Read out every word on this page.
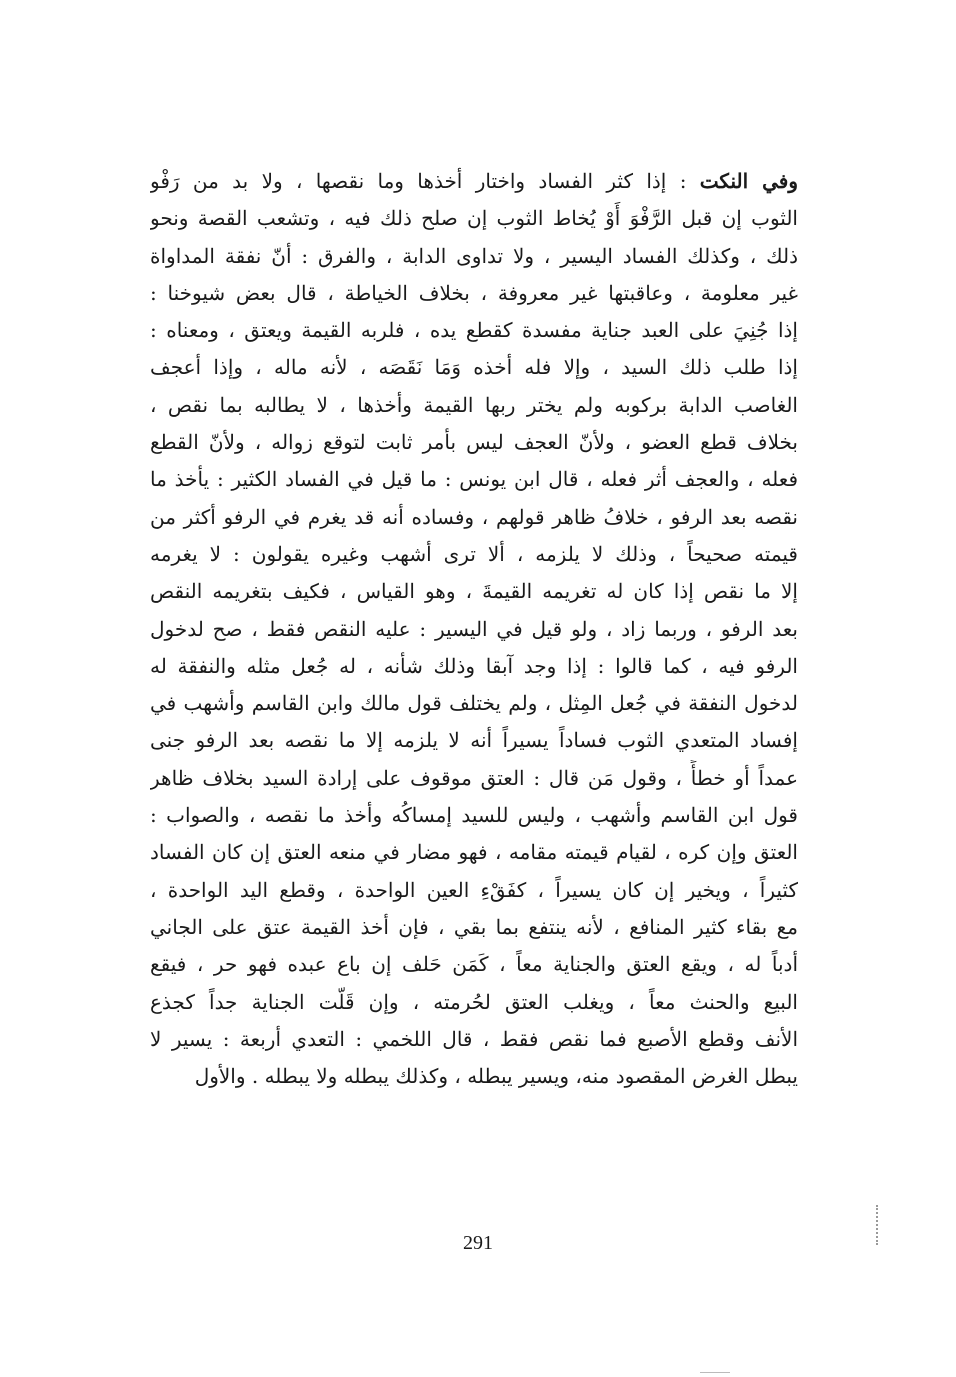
وفي النكت : إذا كثر الفساد واختار أخذها وما نقصها ، ولا بد من رَفْو
الثوب إن قبل الرَّفْوَ أَوْ يُخاط الثوب إن صلح ذلك فيه ، وتشعب القصة ونحو
ذلك ، وكذلك الفساد اليسير ، ولا تداوى الدابة ، والفرق : أنّ نفقة المداواة
غير معلومة ، وعاقبتها غير معروفة ، بخلاف الخياطة ، قال بعض شيوخنا :
إذا جُنِيَ على العبد جناية مفسدة كقطع يده ، فلربه القيمة ويعتق ، ومعناه :
إذا طلب ذلك السيد ، وإلا فله أخذه وَمَا نَقَصَه ، لأنه ماله ، وإذا أعجف
الغاصب الدابة بركوبه ولم يختر ربها القيمة وأخذها ، لا يطالبه بما نقص ،
بخلاف قطع العضو ، ولأنّ العجف ليس بأمر ثابت لتوقع زواله ، ولأنّ القطع
فعله ، والعجف أثر فعله ، قال ابن يونس : ما قيل في الفساد الكثير : يأخذ ما
نقصه بعد الرفو ، خلافُ ظاهر قولهم ، وفساده أنه قد يغرم في الرفو أكثر من
قيمته صحيحاً ، وذلك لا يلزمه ، ألا ترى أشهب وغيره يقولون : لا يغرمه
إلا ما نقص إذا كان له تغريمه القيمةَ ، وهو القياس ، فكيف بتغريمه النقص
بعد الرفو ، وربما زاد ، ولو قيل في اليسير : عليه النقص فقط ، صح لدخول
الرفو فيه ، كما قالوا : إذا وجد آبقا وذلك شأنه ، له جُعل مثله والنفقة له
لدخول النفقة في جُعل المِثل ، ولم يختلف قول مالك وابن القاسم وأشهب في
إفساد المتعدي الثوب فساداً يسيراً أنه لا يلزمه إلا ما نقصه بعد الرفو جنى
عمداً أو خطأً ، وقول مَن قال : العتق موقوف على إرادة السيد بخلاف ظاهر
قول ابن القاسم وأشهب ، وليس للسيد إمساكُه وأخذ ما نقصه ، والصواب :
العتق وإن كره ، لقيام قيمته مقامه ، فهو مضار في منعه العتق إن كان الفساد
كثيراً ، ويخير إن كان يسيراً ، كفَقْءِ العين الواحدة ، وقطع اليد الواحدة ،
مع بقاء كثير المنافع ، لأنه ينتفع بما بقي ، فإن أخذ القيمة عتق على الجاني
أدباً له ، ويقع العتق والجناية معاً ، كَمَن حَلف إن باع عبده فهو حر ، فيقع
البيع والحنث معاً ، ويغلب العتق لحُرمته ، وإن قَلّت الجناية جداً كجذع
الأنف وقطع الأصبع فما نقص فقط ، قال اللخمي : التعدي أربعة : يسير لا
يبطل الغرض المقصود منه، ويسير يبطله ، وكذلك يبطله ولا يبطله . والأول
291
